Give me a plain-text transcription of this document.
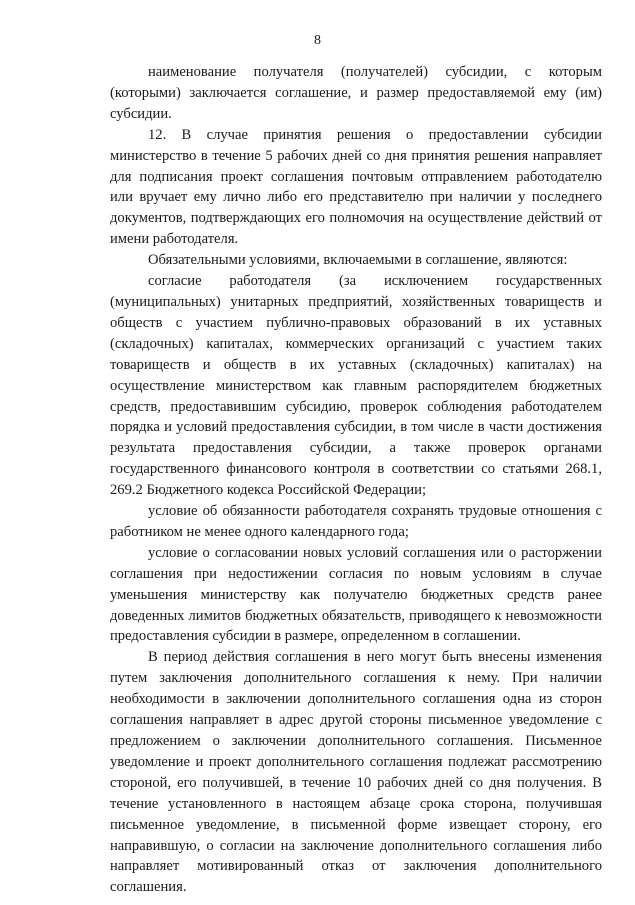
8

наименование получателя (получателей) субсидии, с которым (которыми) заключается соглашение, и размер предоставляемой ему (им) субсидии.

12. В случае принятия решения о предоставлении субсидии министерство в течение 5 рабочих дней со дня принятия решения направляет для подписания проект соглашения почтовым отправлением работодателю или вручает ему лично либо его представителю при наличии у последнего документов, подтверждающих его полномочия на осуществление действий от имени работодателя.

Обязательными условиями, включаемыми в соглашение, являются:

согласие работодателя (за исключением государственных (муниципальных) унитарных предприятий, хозяйственных товариществ и обществ с участием публично-правовых образований в их уставных (складочных) капиталах, коммерческих организаций с участием таких товариществ и обществ в их уставных (складочных) капиталах) на осуществление министерством как главным распорядителем бюджетных средств, предоставившим субсидию, проверок соблюдения работодателем порядка и условий предоставления субсидии, в том числе в части достижения результата предоставления субсидии, а также проверок органами государственного финансового контроля в соответствии со статьями 268.1, 269.2 Бюджетного кодекса Российской Федерации;

условие об обязанности работодателя сохранять трудовые отношения с работником не менее одного календарного года;

условие о согласовании новых условий соглашения или о расторжении соглашения при недостижении согласия по новым условиям в случае уменьшения министерству как получателю бюджетных средств ранее доведенных лимитов бюджетных обязательств, приводящего к невозможности предоставления субсидии в размере, определенном в соглашении.

В период действия соглашения в него могут быть внесены изменения путем заключения дополнительного соглашения к нему. При наличии необходимости в заключении дополнительного соглашения одна из сторон соглашения направляет в адрес другой стороны письменное уведомление с предложением о заключении дополнительного соглашения. Письменное уведомление и проект дополнительного соглашения подлежат рассмотрению стороной, его получившей, в течение 10 рабочих дней со дня получения. В течение установленного в настоящем абзаце срока сторона, получившая письменное уведомление, в письменной форме извещает сторону, его направившую, о согласии на заключение дополнительного соглашения либо направляет мотивированный отказ от заключения дополнительного соглашения.
